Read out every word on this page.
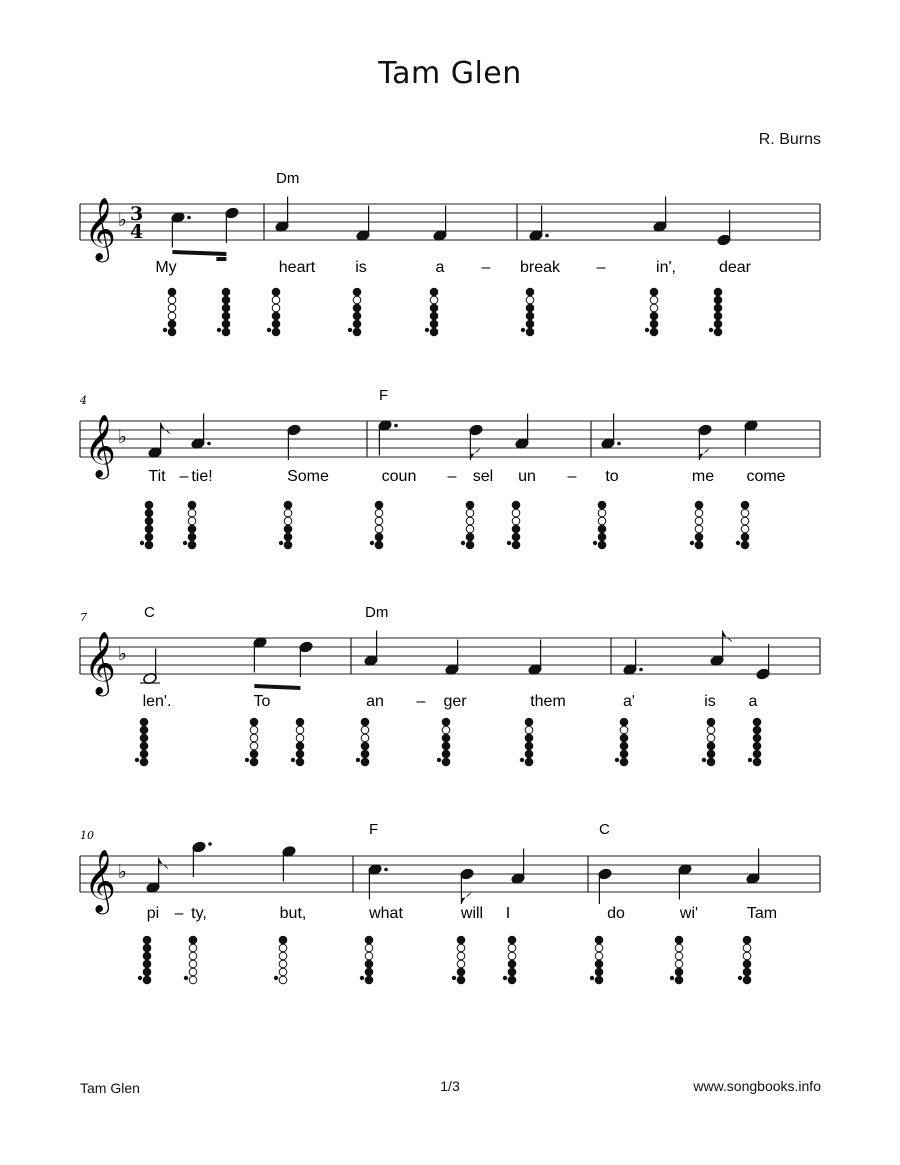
Tam Glen
R. Burns
𝄞 ♭ 3
4
Dm
My	heart is	a – break –	in',	dear
𝄞 ♭
4	F
Tit – tie!	Some	coun – sel un – to	me come
𝄞 ♭
7	C	Dm
len'.	To	an – ger	them	a'	is a
𝄞 ♭
10	F	C
pi – ty,	but,	what	will I	do	wi'	Tam
Tam Glen	1/3	www.songbooks.info
